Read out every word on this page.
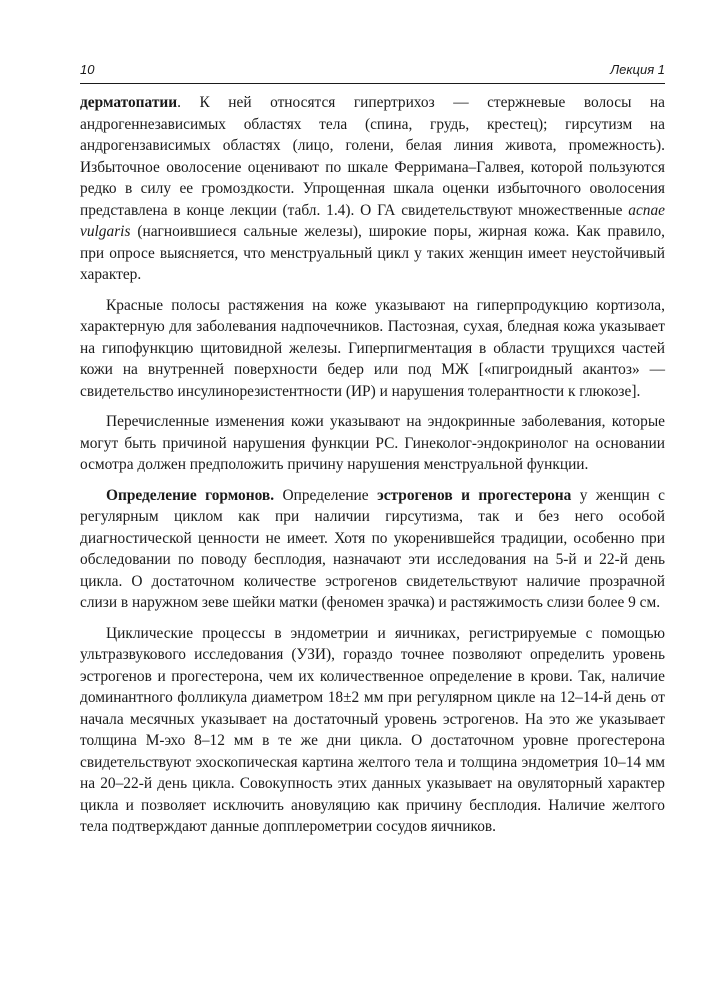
10	Лекция 1

дерматопатии. К ней относятся гипертрихоз — стержневые волосы на андрогеннезависимых областях тела (спина, грудь, крестец); гирсутизм на андрогензависимых областях (лицо, голени, белая линия живота, промежность). Избыточное оволосение оценивают по шкале Ферримана–Галвея, которой пользуются редко в силу ее громоздкости. Упрощенная шкала оценки избыточного оволосения представлена в конце лекции (табл. 1.4). О ГА свидетельствуют множественные acnae vulgaris (нагноившиеся сальные железы), широкие поры, жирная кожа. Как правило, при опросе выясняется, что менструальный цикл у таких женщин имеет неустойчивый характер.

Красные полосы растяжения на коже указывают на гиперпродукцию кортизола, характерную для заболевания надпочечников. Пастозная, сухая, бледная кожа указывает на гипофункцию щитовидной железы. Гиперпигментация в области трущихся частей кожи на внутренней поверхности бедер или под МЖ [«пигроидный акантоз» — свидетельство инсулинорезистентности (ИР) и нарушения толерантности к глюкозе].

Перечисленные изменения кожи указывают на эндокринные заболевания, которые могут быть причиной нарушения функции РС. Гинеколог-эндокринолог на основании осмотра должен предположить причину нарушения менструальной функции.

Определение гормонов. Определение эстрогенов и прогестерона у женщин с регулярным циклом как при наличии гирсутизма, так и без него особой диагностической ценности не имеет. Хотя по укоренившейся традиции, особенно при обследовании по поводу бесплодия, назначают эти исследования на 5-й и 22-й день цикла. О достаточном количестве эстрогенов свидетельствуют наличие прозрачной слизи в наружном зеве шейки матки (феномен зрачка) и растяжимость слизи более 9 см.

Циклические процессы в эндометрии и яичниках, регистрируемые с помощью ультразвукового исследования (УЗИ), гораздо точнее позволяют определить уровень эстрогенов и прогестерона, чем их количественное определение в крови. Так, наличие доминантного фолликула диаметром 18±2 мм при регулярном цикле на 12–14-й день от начала месячных указывает на достаточный уровень эстрогенов. На это же указывает толщина М-эхо 8–12 мм в те же дни цикла. О достаточном уровне прогестерона свидетельствуют эхоскопическая картина желтого тела и толщина эндометрия 10–14 мм на 20–22-й день цикла. Совокупность этих данных указывает на овуляторный характер цикла и позволяет исключить ановуляцию как причину бесплодия. Наличие желтого тела подтверждают данные допплерометрии сосудов яичников.
